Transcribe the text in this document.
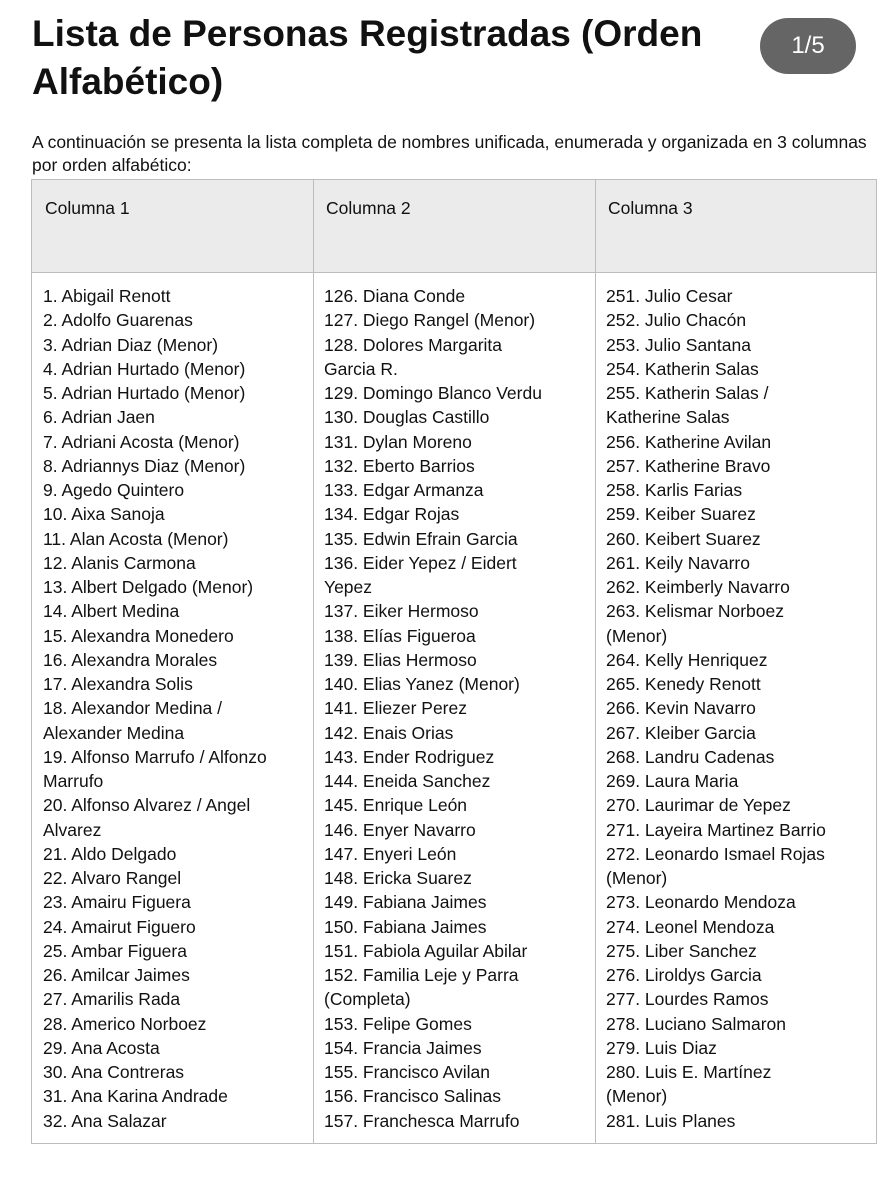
Lista de Personas Registradas (Orden Alfabético)
1/5

A continuación se presenta la lista completa de nombres unificada, enumerada y organizada en 3 columnas por orden alfabético:

Columna 1	Columna 2	Columna 3
1. Abigail Renott
2. Adolfo Guarenas
3. Adrian Diaz (Menor)
4. Adrian Hurtado (Menor)
5. Adrian Hurtado (Menor)
6. Adrian Jaen
7. Adriani Acosta (Menor)
8. Adriannys Diaz (Menor)
9. Agedo Quintero
10. Aixa Sanoja
11. Alan Acosta (Menor)
12. Alanis Carmona
13. Albert Delgado (Menor)
14. Albert Medina
15. Alexandra Monedero
16. Alexandra Morales
17. Alexandra Solis
18. Alexandor Medina /
Alexander Medina
19. Alfonso Marrufo / Alfonzo
Marrufo
20. Alfonso Alvarez / Angel
Alvarez
21. Aldo Delgado
22. Alvaro Rangel
23. Amairu Figuera
24. Amairut Figuero
25. Ambar Figuera
26. Amilcar Jaimes
27. Amarilis Rada
28. Americo Norboez
29. Ana Acosta
30. Ana Contreras
31. Ana Karina Andrade
32. Ana Salazar
126. Diana Conde
127. Diego Rangel (Menor)
128. Dolores Margarita
Garcia R.
129. Domingo Blanco Verdu
130. Douglas Castillo
131. Dylan Moreno
132. Eberto Barrios
133. Edgar Armanza
134. Edgar Rojas
135. Edwin Efrain Garcia
136. Eider Yepez / Eidert
Yepez
137. Eiker Hermoso
138. Elías Figueroa
139. Elias Hermoso
140. Elias Yanez (Menor)
141. Eliezer Perez
142. Enais Orias
143. Ender Rodriguez
144. Eneida Sanchez
145. Enrique León
146. Enyer Navarro
147. Enyeri León
148. Ericka Suarez
149. Fabiana Jaimes
150. Fabiana Jaimes
151. Fabiola Aguilar Abilar
152. Familia Leje y Parra
(Completa)
153. Felipe Gomes
154. Francia Jaimes
155. Francisco Avilan
156. Francisco Salinas
157. Franchesca Marrufo
251. Julio Cesar
252. Julio Chacón
253. Julio Santana
254. Katherin Salas
255. Katherin Salas /
Katherine Salas
256. Katherine Avilan
257. Katherine Bravo
258. Karlis Farias
259. Keiber Suarez
260. Keibert Suarez
261. Keily Navarro
262. Keimberly Navarro
263. Kelismar Norboez
(Menor)
264. Kelly Henriquez
265. Kenedy Renott
266. Kevin Navarro
267. Kleiber Garcia
268. Landru Cadenas
269. Laura Maria
270. Laurimar de Yepez
271. Layeira Martinez Barrio
272. Leonardo Ismael Rojas
(Menor)
273. Leonardo Mendoza
274. Leonel Mendoza
275. Liber Sanchez
276. Liroldys Garcia
277. Lourdes Ramos
278. Luciano Salmaron
279. Luis Diaz
280. Luis E. Martínez
(Menor)
281. Luis Planes
